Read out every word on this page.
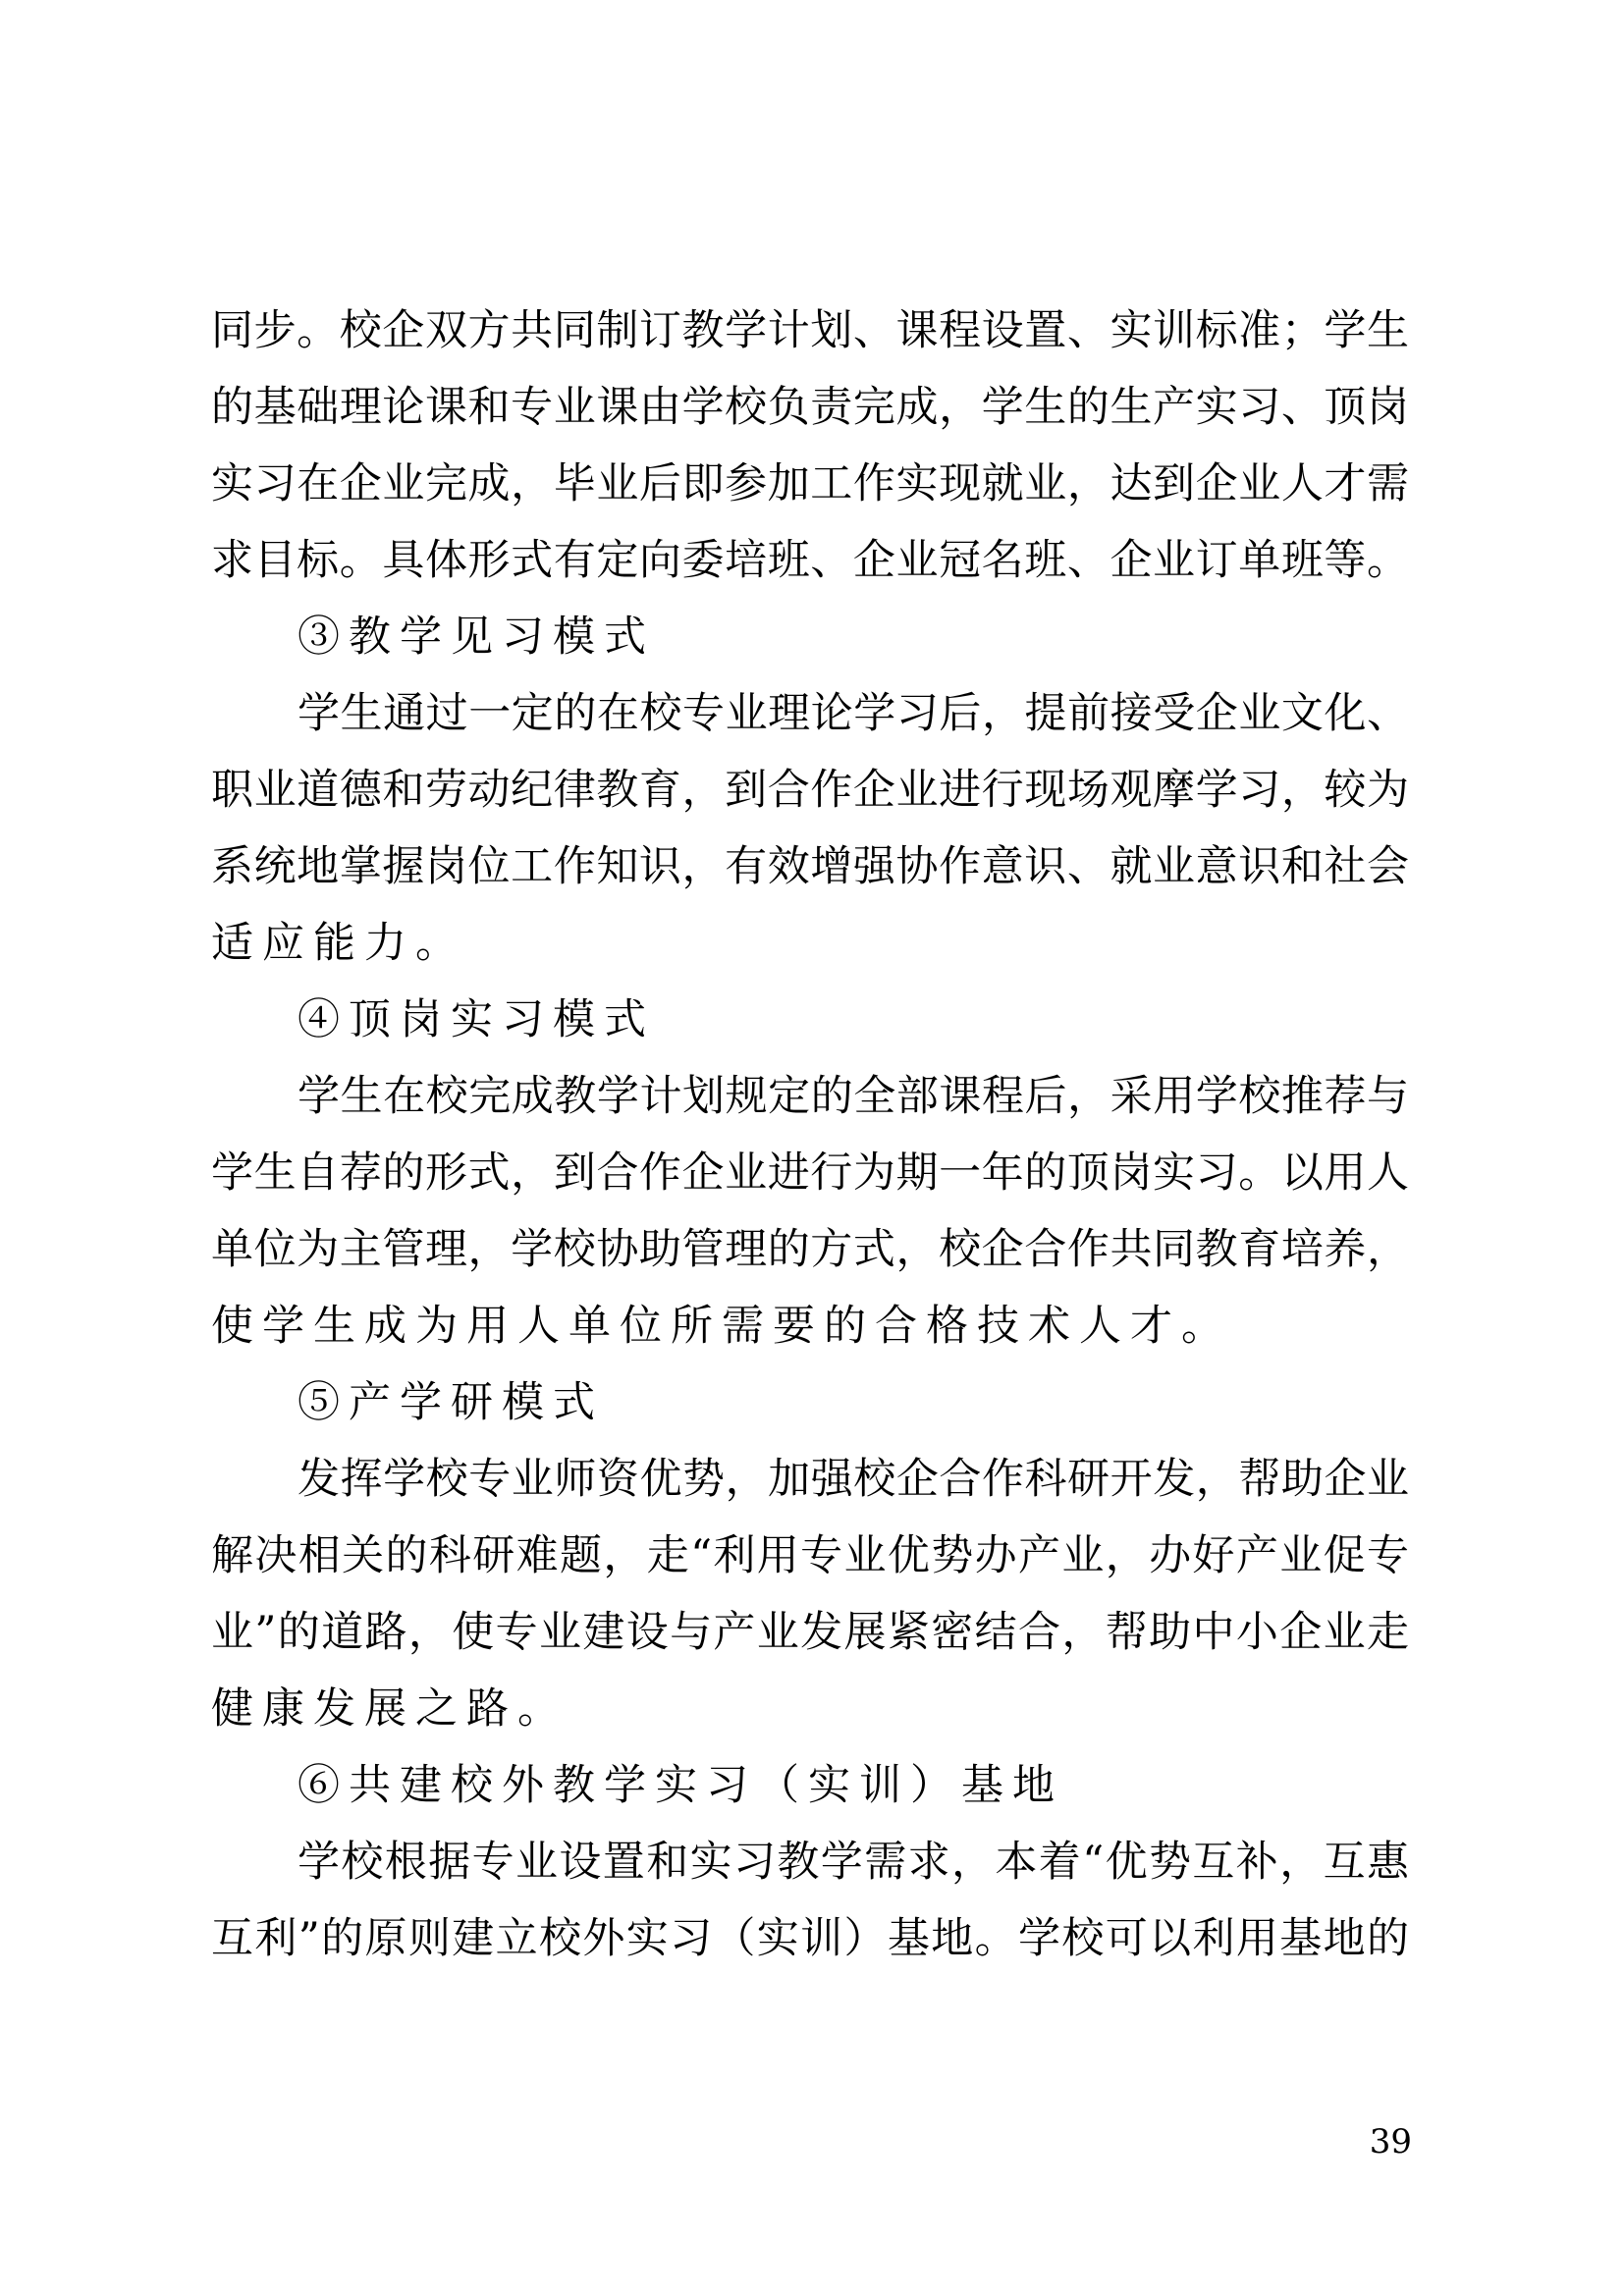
同步。校企双方共同制订教学计划、课程设置、实训标准；学生
的基础理论课和专业课由学校负责完成，学生的生产实习、顶岗
实习在企业完成，毕业后即参加工作实现就业，达到企业人才需
求目标。具体形式有定向委培班、企业冠名班、企业订单班等。
③教学见习模式
学生通过一定的在校专业理论学习后，提前接受企业文化、
职业道德和劳动纪律教育，到合作企业进行现场观摩学习，较为
系统地掌握岗位工作知识，有效增强协作意识、就业意识和社会
适应能力。
④顶岗实习模式
学生在校完成教学计划规定的全部课程后，采用学校推荐与
学生自荐的形式，到合作企业进行为期一年的顶岗实习。以用人
单位为主管理，学校协助管理的方式，校企合作共同教育培养，
使学生成为用人单位所需要的合格技术人才。
⑤产学研模式
发挥学校专业师资优势，加强校企合作科研开发，帮助企业
解决相关的科研难题，走“利用专业优势办产业，办好产业促专
业”的道路，使专业建设与产业发展紧密结合，帮助中小企业走
健康发展之路。
⑥共建校外教学实习（实训）基地
学校根据专业设置和实习教学需求，本着“优势互补，互惠
互利”的原则建立校外实习（实训）基地。学校可以利用基地的
39
